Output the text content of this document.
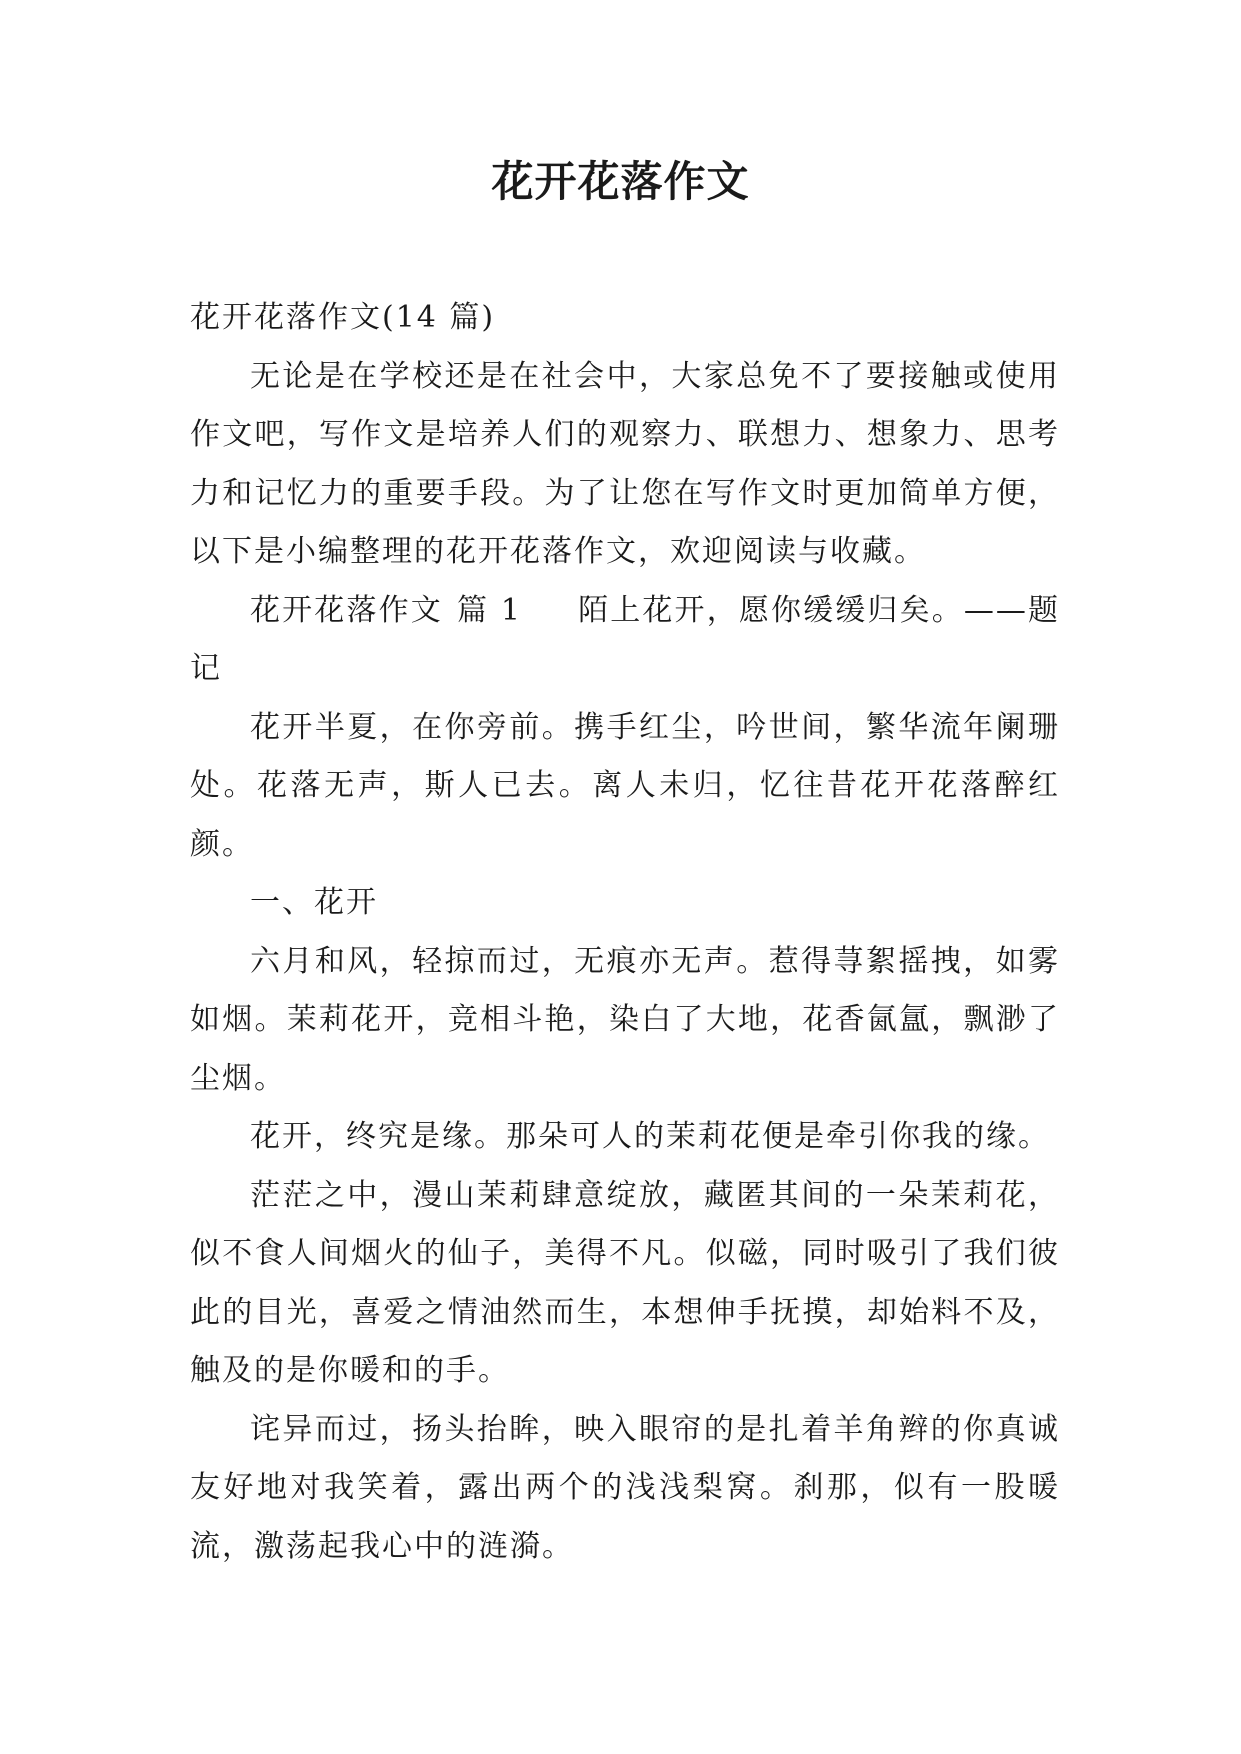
花开花落作文

花开花落作文(14 篇)

无论是在学校还是在社会中，大家总免不了要接触或使用作文吧，写作文是培养人们的观察力、联想力、想象力、思考力和记忆力的重要手段。为了让您在写作文时更加简单方便，以下是小编整理的花开花落作文，欢迎阅读与收藏。

花开花落作文 篇 1 陌上花开，愿你缓缓归矣。——题记

花开半夏，在你旁前。携手红尘，吟世间，繁华流年阑珊处。花落无声，斯人已去。离人未归，忆往昔花开花落醉红颜。

一、花开

六月和风，轻掠而过，无痕亦无声。惹得荨絮摇拽，如雾如烟。茉莉花开，竞相斗艳，染白了大地，花香氤氲，飘渺了尘烟。

花开，终究是缘。那朵可人的茉莉花便是牵引你我的缘。

茫茫之中，漫山茉莉肆意绽放，藏匿其间的一朵茉莉花，似不食人间烟火的仙子，美得不凡。似磁，同时吸引了我们彼此的目光，喜爱之情油然而生，本想伸手抚摸，却始料不及，触及的是你暖和的手。

诧异而过，扬头抬眸，映入眼帘的是扎着羊角辫的你真诚友好地对我笑着，露出两个的浅浅梨窝。刹那，似有一股暖流，激荡起我心中的涟漪。
